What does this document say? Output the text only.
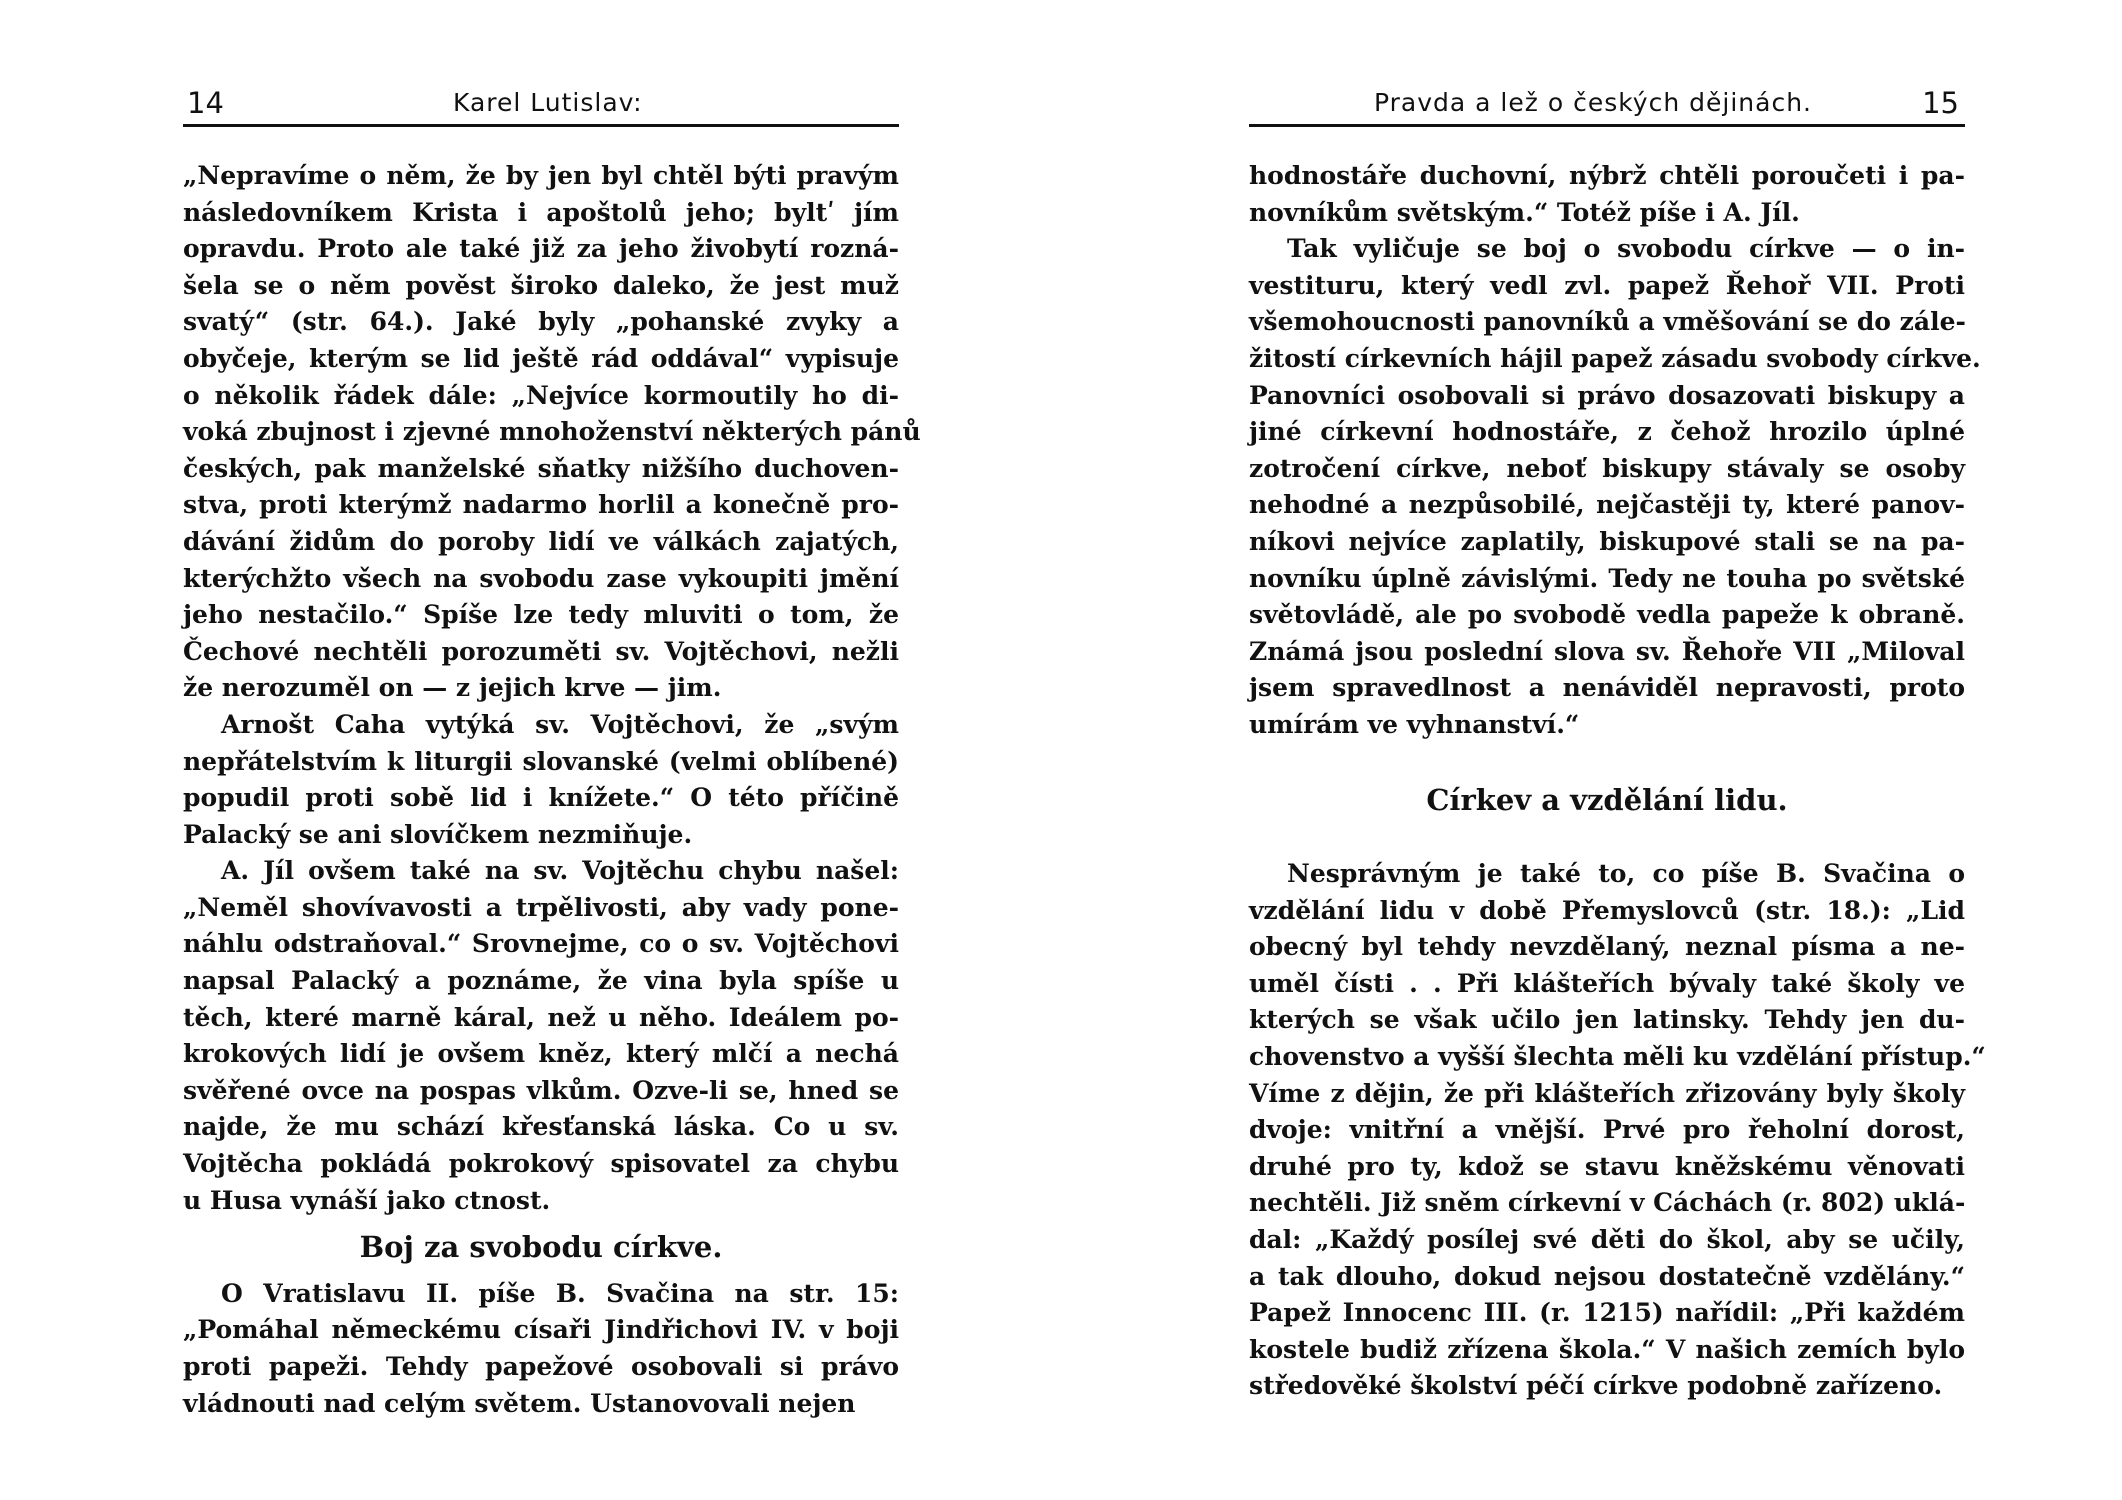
14	Karel Lutislav:
„Nepravíme o něm, že by jen byl chtěl býti pravým
následovníkem Krista i apoštolů jeho; byltʹ jím
opravdu. Proto ale také již za jeho živobytí rozná-
šela se o něm pověst široko daleko, že jest muž
svatý“ (str. 64.). Jaké byly „pohanské zvyky a
obyčeje, kterým se lid ještě rád oddával“ vypisuje
o několik řádek dále: „Nejvíce kormoutily ho di-
voká zbujnost i zjevné mnohoženství některých pánů
českých, pak manželské sňatky nižšího duchoven-
stva, proti kterýmž nadarmo horlil a konečně pro-
dávání židům do poroby lidí ve válkách zajatých,
kterýchžto všech na svobodu zase vykoupiti jmění
jeho nestačilo.“ Spíše lze tedy mluviti o tom, že
Čechové nechtěli porozuměti sv. Vojtěchovi, nežli
že nerozuměl on — z jejich krve — jim.
Arnošt Caha vytýká sv. Vojtěchovi, že „svým
nepřátelstvím k liturgii slovanské (velmi oblíbené)
popudil proti sobě lid i knížete.“ O této příčině
Palacký se ani slovíčkem nezmiňuje.
A. Jíl ovšem také na sv. Vojtěchu chybu našel:
„Neměl shovívavosti a trpělivosti, aby vady pone-
náhlu odstraňoval.“ Srovnejme, co o sv. Vojtěchovi
napsal Palacký a poznáme, že vina byla spíše u
těch, které marně káral, než u něho. Ideálem po-
krokových lidí je ovšem kněz, který mlčí a nechá
svěřené ovce na pospas vlkům. Ozve-li se, hned se
najde, že mu schází křesťanská láska. Co u sv.
Vojtěcha pokládá pokrokový spisovatel za chybu
u Husa vynáší jako ctnost.
Boj za svobodu církve.
O Vratislavu II. píše B. Svačina na str. 15:
„Pomáhal německému císaři Jindřichovi IV. v boji
proti papeži. Tehdy papežové osobovali si právo
vládnouti nad celým světem. Ustanovovali nejen
Pravda a lež o českých dějinách.	15
hodnostáře duchovní, nýbrž chtěli poroučeti i pa-
novníkům světským.“ Totéž píše i A. Jíl.
Tak vyličuje se boj o svobodu církve — o in-
vestituru, který vedl zvl. papež Řehoř VII. Proti
všemohoucnosti panovníků a vměšování se do zále-
žitostí církevních hájil papež zásadu svobody církve.
Panovníci osobovali si právo dosazovati biskupy a
jiné církevní hodnostáře, z čehož hrozilo úplné
zotročení církve, neboť biskupy stávaly se osoby
nehodné a nezpůsobilé, nejčastěji ty, které panov-
níkovi nejvíce zaplatily, biskupové stali se na pa-
novníku úplně závislými. Tedy ne touha po světské
světovládě, ale po svobodě vedla papeže k obraně.
Známá jsou poslední slova sv. Řehoře VII „Miloval
jsem spravedlnost a nenáviděl nepravosti, proto
umírám ve vyhnanství.“
Církev a vzdělání lidu.
Nesprávným je také to, co píše B. Svačina o
vzdělání lidu v době Přemyslovců (str. 18.): „Lid
obecný byl tehdy nevzdělaný, neznal písma a ne-
uměl čísti . . Při klášteřích bývaly také školy ve
kterých se však učilo jen latinsky. Tehdy jen du-
chovenstvo a vyšší šlechta měli ku vzdělání přístup.“
Víme z dějin, že při klášteřích zřizovány byly školy
dvoje: vnitřní a vnější. Prvé pro řeholní dorost,
druhé pro ty, kdož se stavu kněžskému věnovati
nechtěli. Již sněm církevní v Cáchách (r. 802) uklá-
dal: „Každý posílej své děti do škol, aby se učily,
a tak dlouho, dokud nejsou dostatečně vzdělány.“
Papež Innocenc III. (r. 1215) nařídil: „Při každém
kostele budiž zřízena škola.“ V našich zemích bylo
středověké školství péčí církve podobně zařízeno.
